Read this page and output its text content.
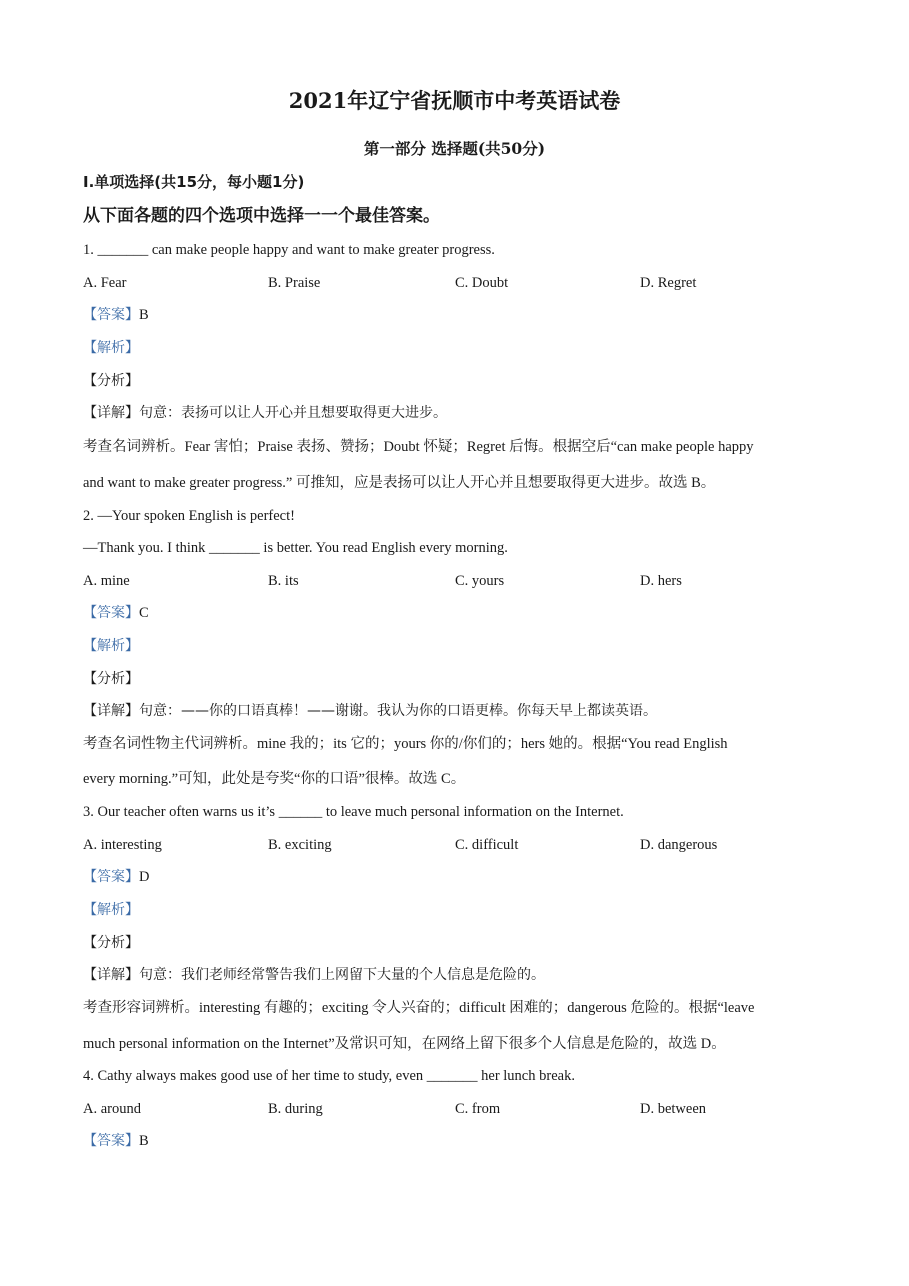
2021年辽宁省抚顺市中考英语试卷
第一部分 选择题(共50分)
I.单项选择(共15分，每小题1分)
从下面各题的四个选项中选择一一个最佳答案。
1. _______ can make people happy and want to make greater progress.
A. Fear	B. Praise	C. Doubt	D. Regret
【答案】B
【解析】
【分析】
【详解】句意：表扬可以让人开心并且想要取得更大进步。
考查名词辨析。Fear 害怕；Praise 表扬、赞扬；Doubt 怀疑；Regret 后悔。根据空后“can make people happy
and want to make greater progress.” 可推知，应是表扬可以让人开心并且想要取得更大进步。故选 B。
2. —Your spoken English is perfect!
—Thank you. I think _______ is better. You read English every morning.
A. mine	B. its	C. yours	D. hers
【答案】C
【解析】
【分析】
【详解】句意：——你的口语真棒！——谢谢。我认为你的口语更棒。你每天早上都读英语。
考查名词性物主代词辨析。mine 我的；its 它的；yours 你的/你们的；hers 她的。根据“You read English
every morning.”可知，此处是夸奖“你的口语”很棒。故选 C。
3. Our teacher often warns us it’s ______ to leave much personal information on the Internet.
A. interesting	B. exciting	C. difficult	D. dangerous
【答案】D
【解析】
【分析】
【详解】句意：我们老师经常警告我们上网留下大量的个人信息是危险的。
考查形容词辨析。interesting 有趣的；exciting 令人兴奋的；difficult 困难的；dangerous 危险的。根据“leave
much personal information on the Internet”及常识可知，在网络上留下很多个人信息是危险的，故选 D。
4. Cathy always makes good use of her time to study, even _______ her lunch break.
A. around	B. during	C. from	D. between
【答案】B
